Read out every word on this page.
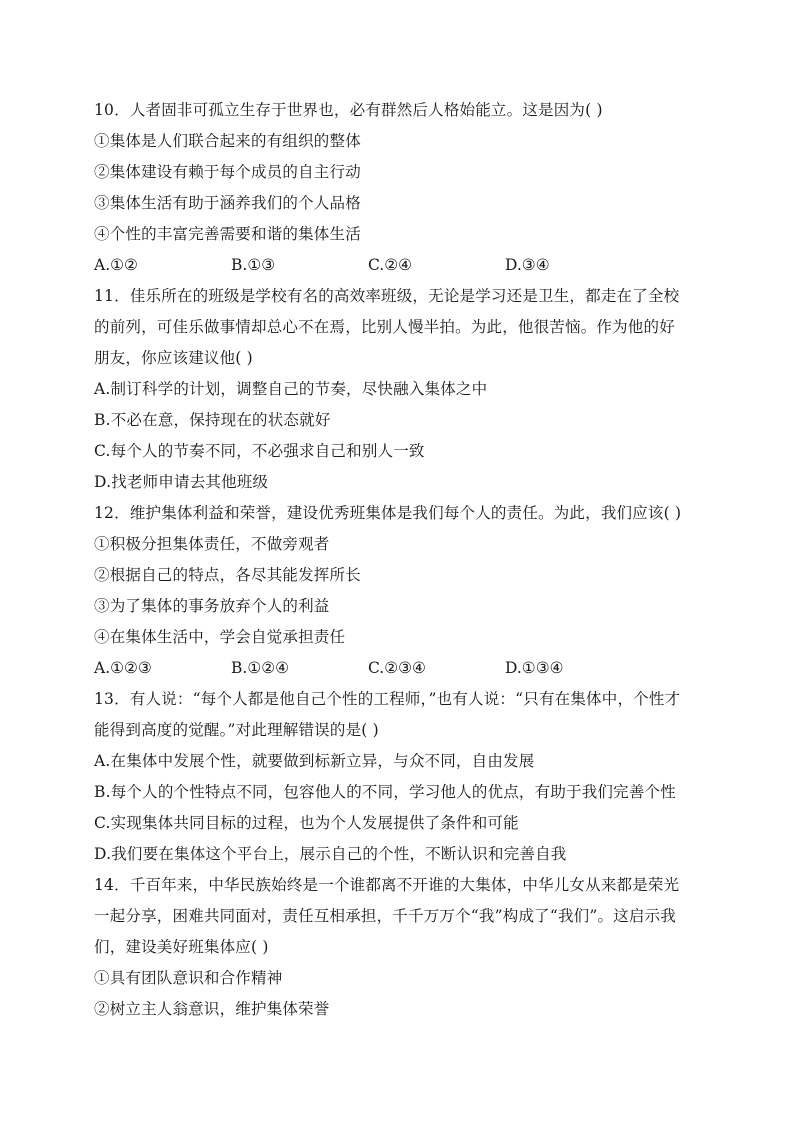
10．人者固非可孤立生存于世界也，必有群然后人格始能立。这是因为( )
①集体是人们联合起来的有组织的整体
②集体建设有赖于每个成员的自主行动
③集体生活有助于涵养我们的个人品格
④个性的丰富完善需要和谐的集体生活
A.①②	B.①③	C.②④	D.③④
11．佳乐所在的班级是学校有名的高效率班级，无论是学习还是卫生，都走在了全校
的前列，可佳乐做事情却总心不在焉，比别人慢半拍。为此，他很苦恼。作为他的好
朋友，你应该建议他( )
A.制订科学的计划，调整自己的节奏，尽快融入集体之中
B.不必在意，保持现在的状态就好
C.每个人的节奏不同，不必强求自己和别人一致
D.找老师申请去其他班级
12．维护集体利益和荣誉，建设优秀班集体是我们每个人的责任。为此，我们应该( )
①积极分担集体责任，不做旁观者
②根据自己的特点，各尽其能发挥所长
③为了集体的事务放弃个人的利益
④在集体生活中，学会自觉承担责任
A.①②③	B.①②④	C.②③④	D.①③④
13．有人说：“每个人都是他自己个性的工程师，”也有人说：“只有在集体中，个性才
能得到高度的觉醒。”对此理解错误的是( )
A.在集体中发展个性，就要做到标新立异，与众不同，自由发展
B.每个人的个性特点不同，包容他人的不同，学习他人的优点，有助于我们完善个性
C.实现集体共同目标的过程，也为个人发展提供了条件和可能
D.我们要在集体这个平台上，展示自己的个性，不断认识和完善自我
14．千百年来，中华民族始终是一个谁都离不开谁的大集体，中华儿女从来都是荣光
一起分享，困难共同面对，责任互相承担，千千万万个“我”构成了“我们”。这启示我
们，建设美好班集体应( )
①具有团队意识和合作精神
②树立主人翁意识，维护集体荣誉
